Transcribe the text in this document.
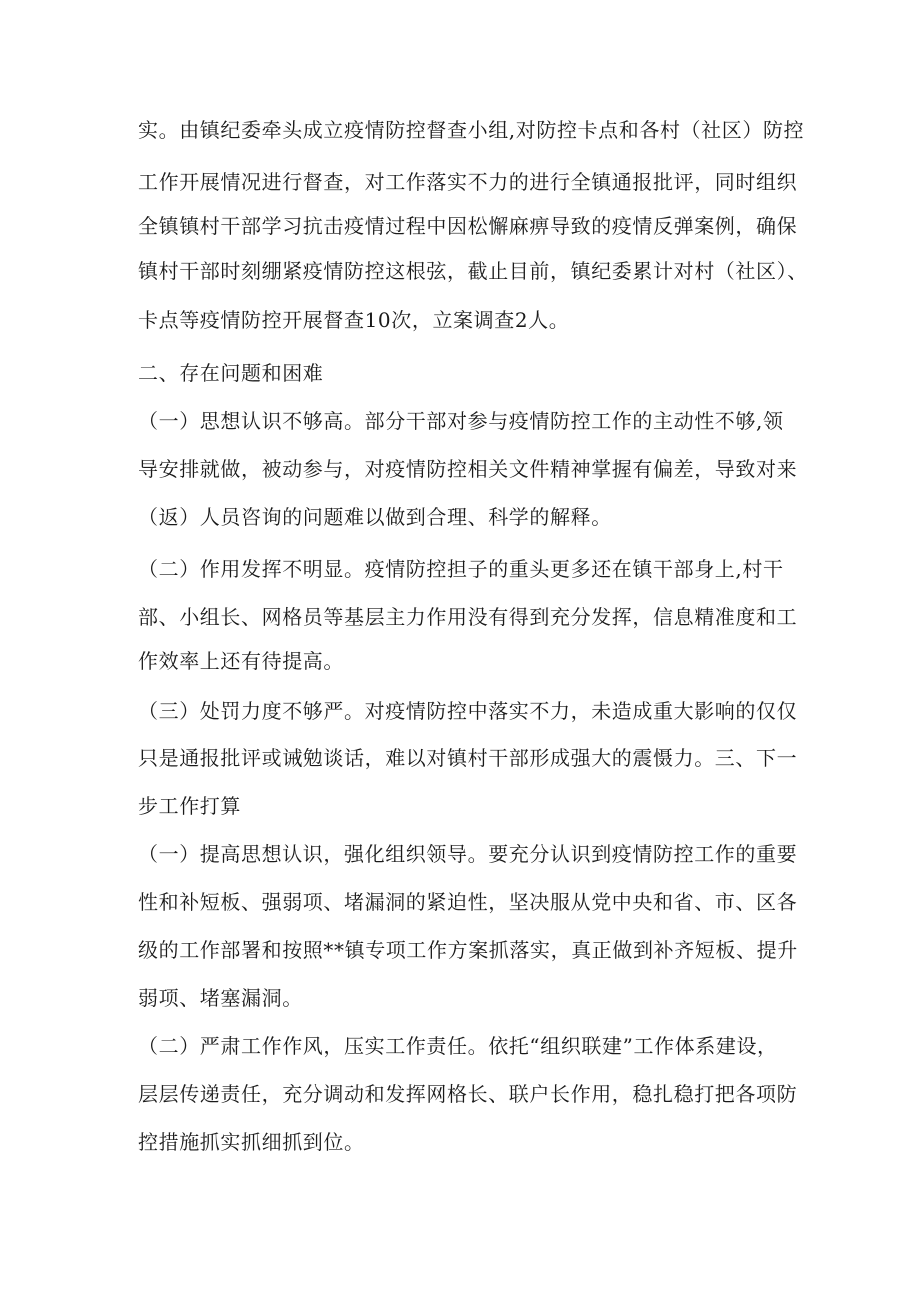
实。由镇纪委牵头成立疫情防控督查小组,对防控卡点和各村（社区）防控

工作开展情况进行督查，对工作落实不力的进行全镇通报批评，同时组织

全镇镇村干部学习抗击疫情过程中因松懈麻痹导致的疫情反弹案例，确保

镇村干部时刻绷紧疫情防控这根弦，截止目前，镇纪委累计对村（社区）、

卡点等疫情防控开展督查10次，立案调查2人。

二、存在问题和困难

（一）思想认识不够高。部分干部对参与疫情防控工作的主动性不够,领

导安排就做，被动参与，对疫情防控相关文件精神掌握有偏差，导致对来

（返）人员咨询的问题难以做到合理、科学的解释。

（二）作用发挥不明显。疫情防控担子的重头更多还在镇干部身上,村干

部、小组长、网格员等基层主力作用没有得到充分发挥，信息精准度和工

作效率上还有待提高。

（三）处罚力度不够严。对疫情防控中落实不力，未造成重大影响的仅仅

只是通报批评或诫勉谈话，难以对镇村干部形成强大的震慑力。三、下一

步工作打算

（一）提高思想认识，强化组织领导。要充分认识到疫情防控工作的重要

性和补短板、强弱项、堵漏洞的紧迫性，坚决服从党中央和省、市、区各

级的工作部署和按照**镇专项工作方案抓落实，真正做到补齐短板、提升

弱项、堵塞漏洞。

（二）严肃工作作风，压实工作责任。依托“组织联建”工作体系建设，

层层传递责任，充分调动和发挥网格长、联户长作用，稳扎稳打把各项防

控措施抓实抓细抓到位。
